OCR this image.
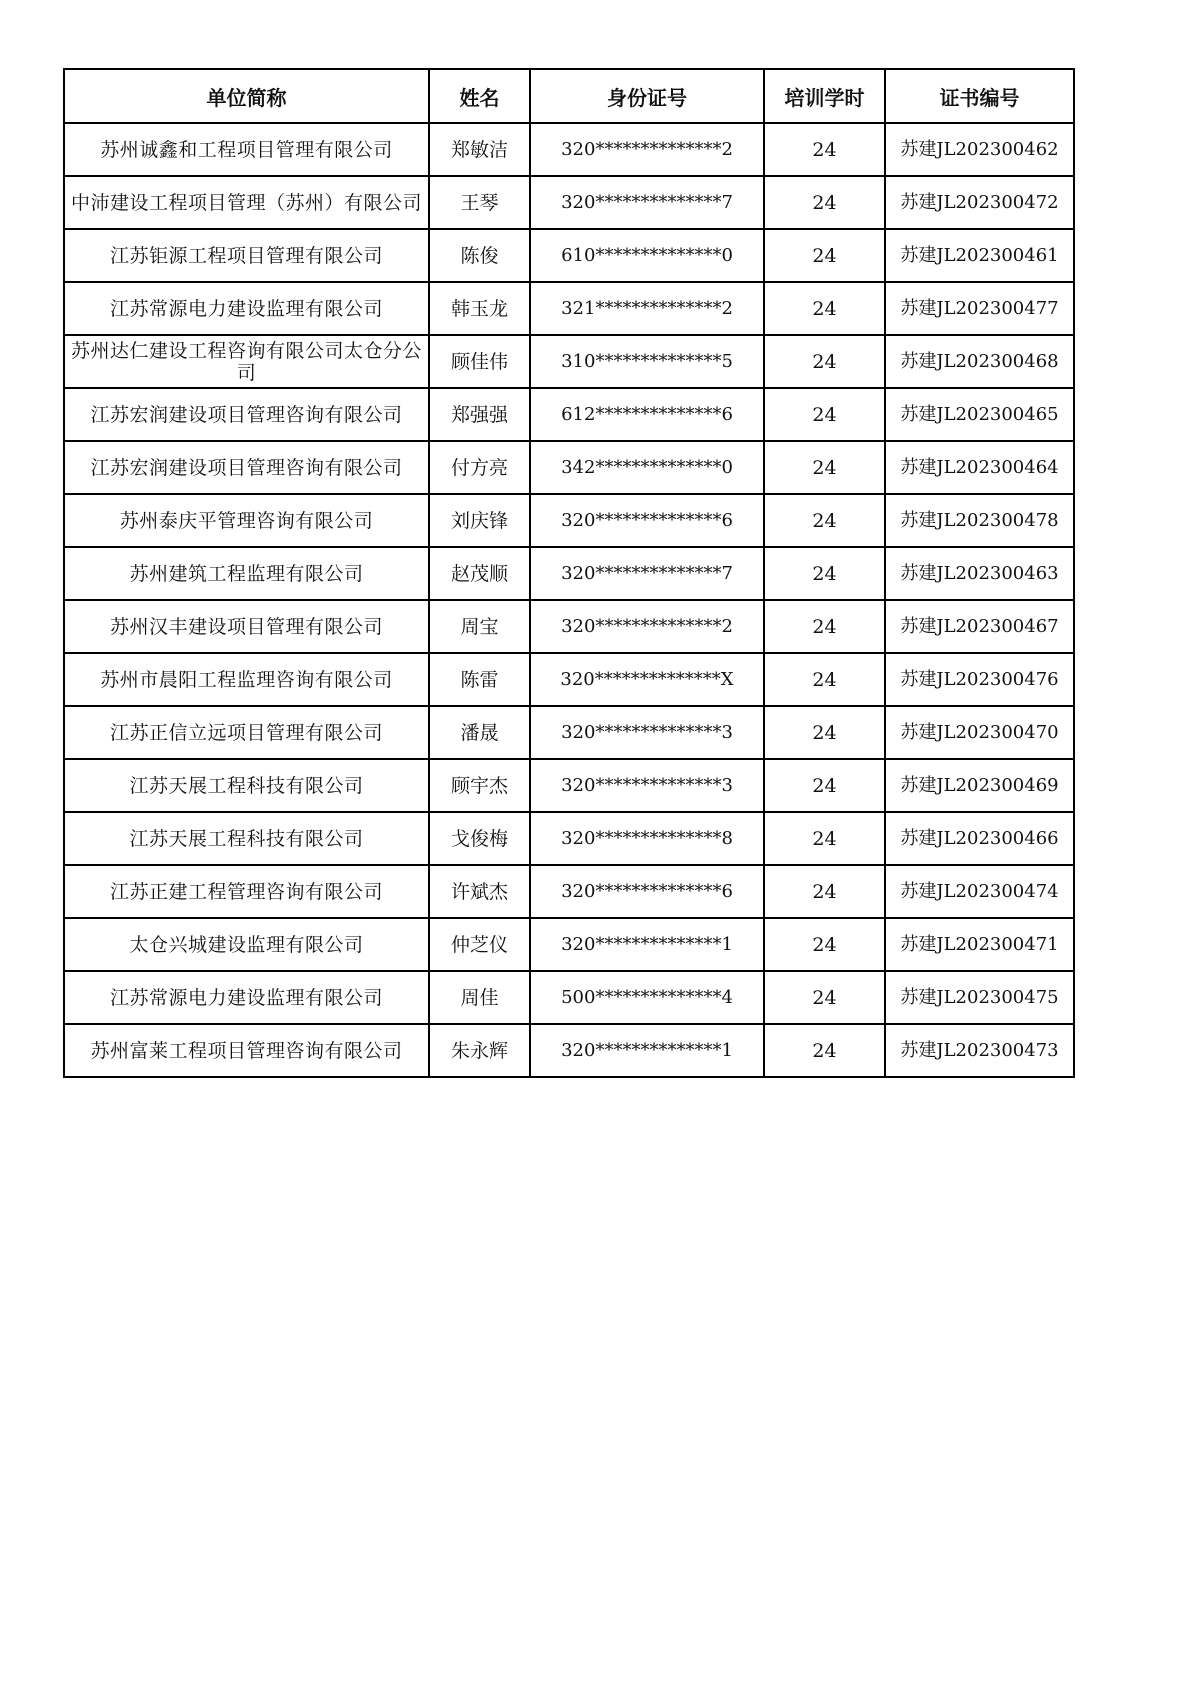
单位简称	姓名	身份证号	培训学时	证书编号
苏州诚鑫和工程项目管理有限公司	郑敏洁	320**************2	24	苏建JL202300462
中沛建设工程项目管理（苏州）有限公司	王琴	320**************7	24	苏建JL202300472
江苏钜源工程项目管理有限公司	陈俊	610**************0	24	苏建JL202300461
江苏常源电力建设监理有限公司	韩玉龙	321**************2	24	苏建JL202300477
苏州达仁建设工程咨询有限公司太仓分公司	顾佳伟	310**************5	24	苏建JL202300468
江苏宏润建设项目管理咨询有限公司	郑强强	612**************6	24	苏建JL202300465
江苏宏润建设项目管理咨询有限公司	付方亮	342**************0	24	苏建JL202300464
苏州泰庆平管理咨询有限公司	刘庆锋	320**************6	24	苏建JL202300478
苏州建筑工程监理有限公司	赵茂顺	320**************7	24	苏建JL202300463
苏州汉丰建设项目管理有限公司	周宝	320**************2	24	苏建JL202300467
苏州市晨阳工程监理咨询有限公司	陈雷	320**************X	24	苏建JL202300476
江苏正信立远项目管理有限公司	潘晟	320**************3	24	苏建JL202300470
江苏天展工程科技有限公司	顾宇杰	320**************3	24	苏建JL202300469
江苏天展工程科技有限公司	戈俊梅	320**************8	24	苏建JL202300466
江苏正建工程管理咨询有限公司	许斌杰	320**************6	24	苏建JL202300474
太仓兴城建设监理有限公司	仲芝仪	320**************1	24	苏建JL202300471
江苏常源电力建设监理有限公司	周佳	500**************4	24	苏建JL202300475
苏州富莱工程项目管理咨询有限公司	朱永辉	320**************1	24	苏建JL202300473
